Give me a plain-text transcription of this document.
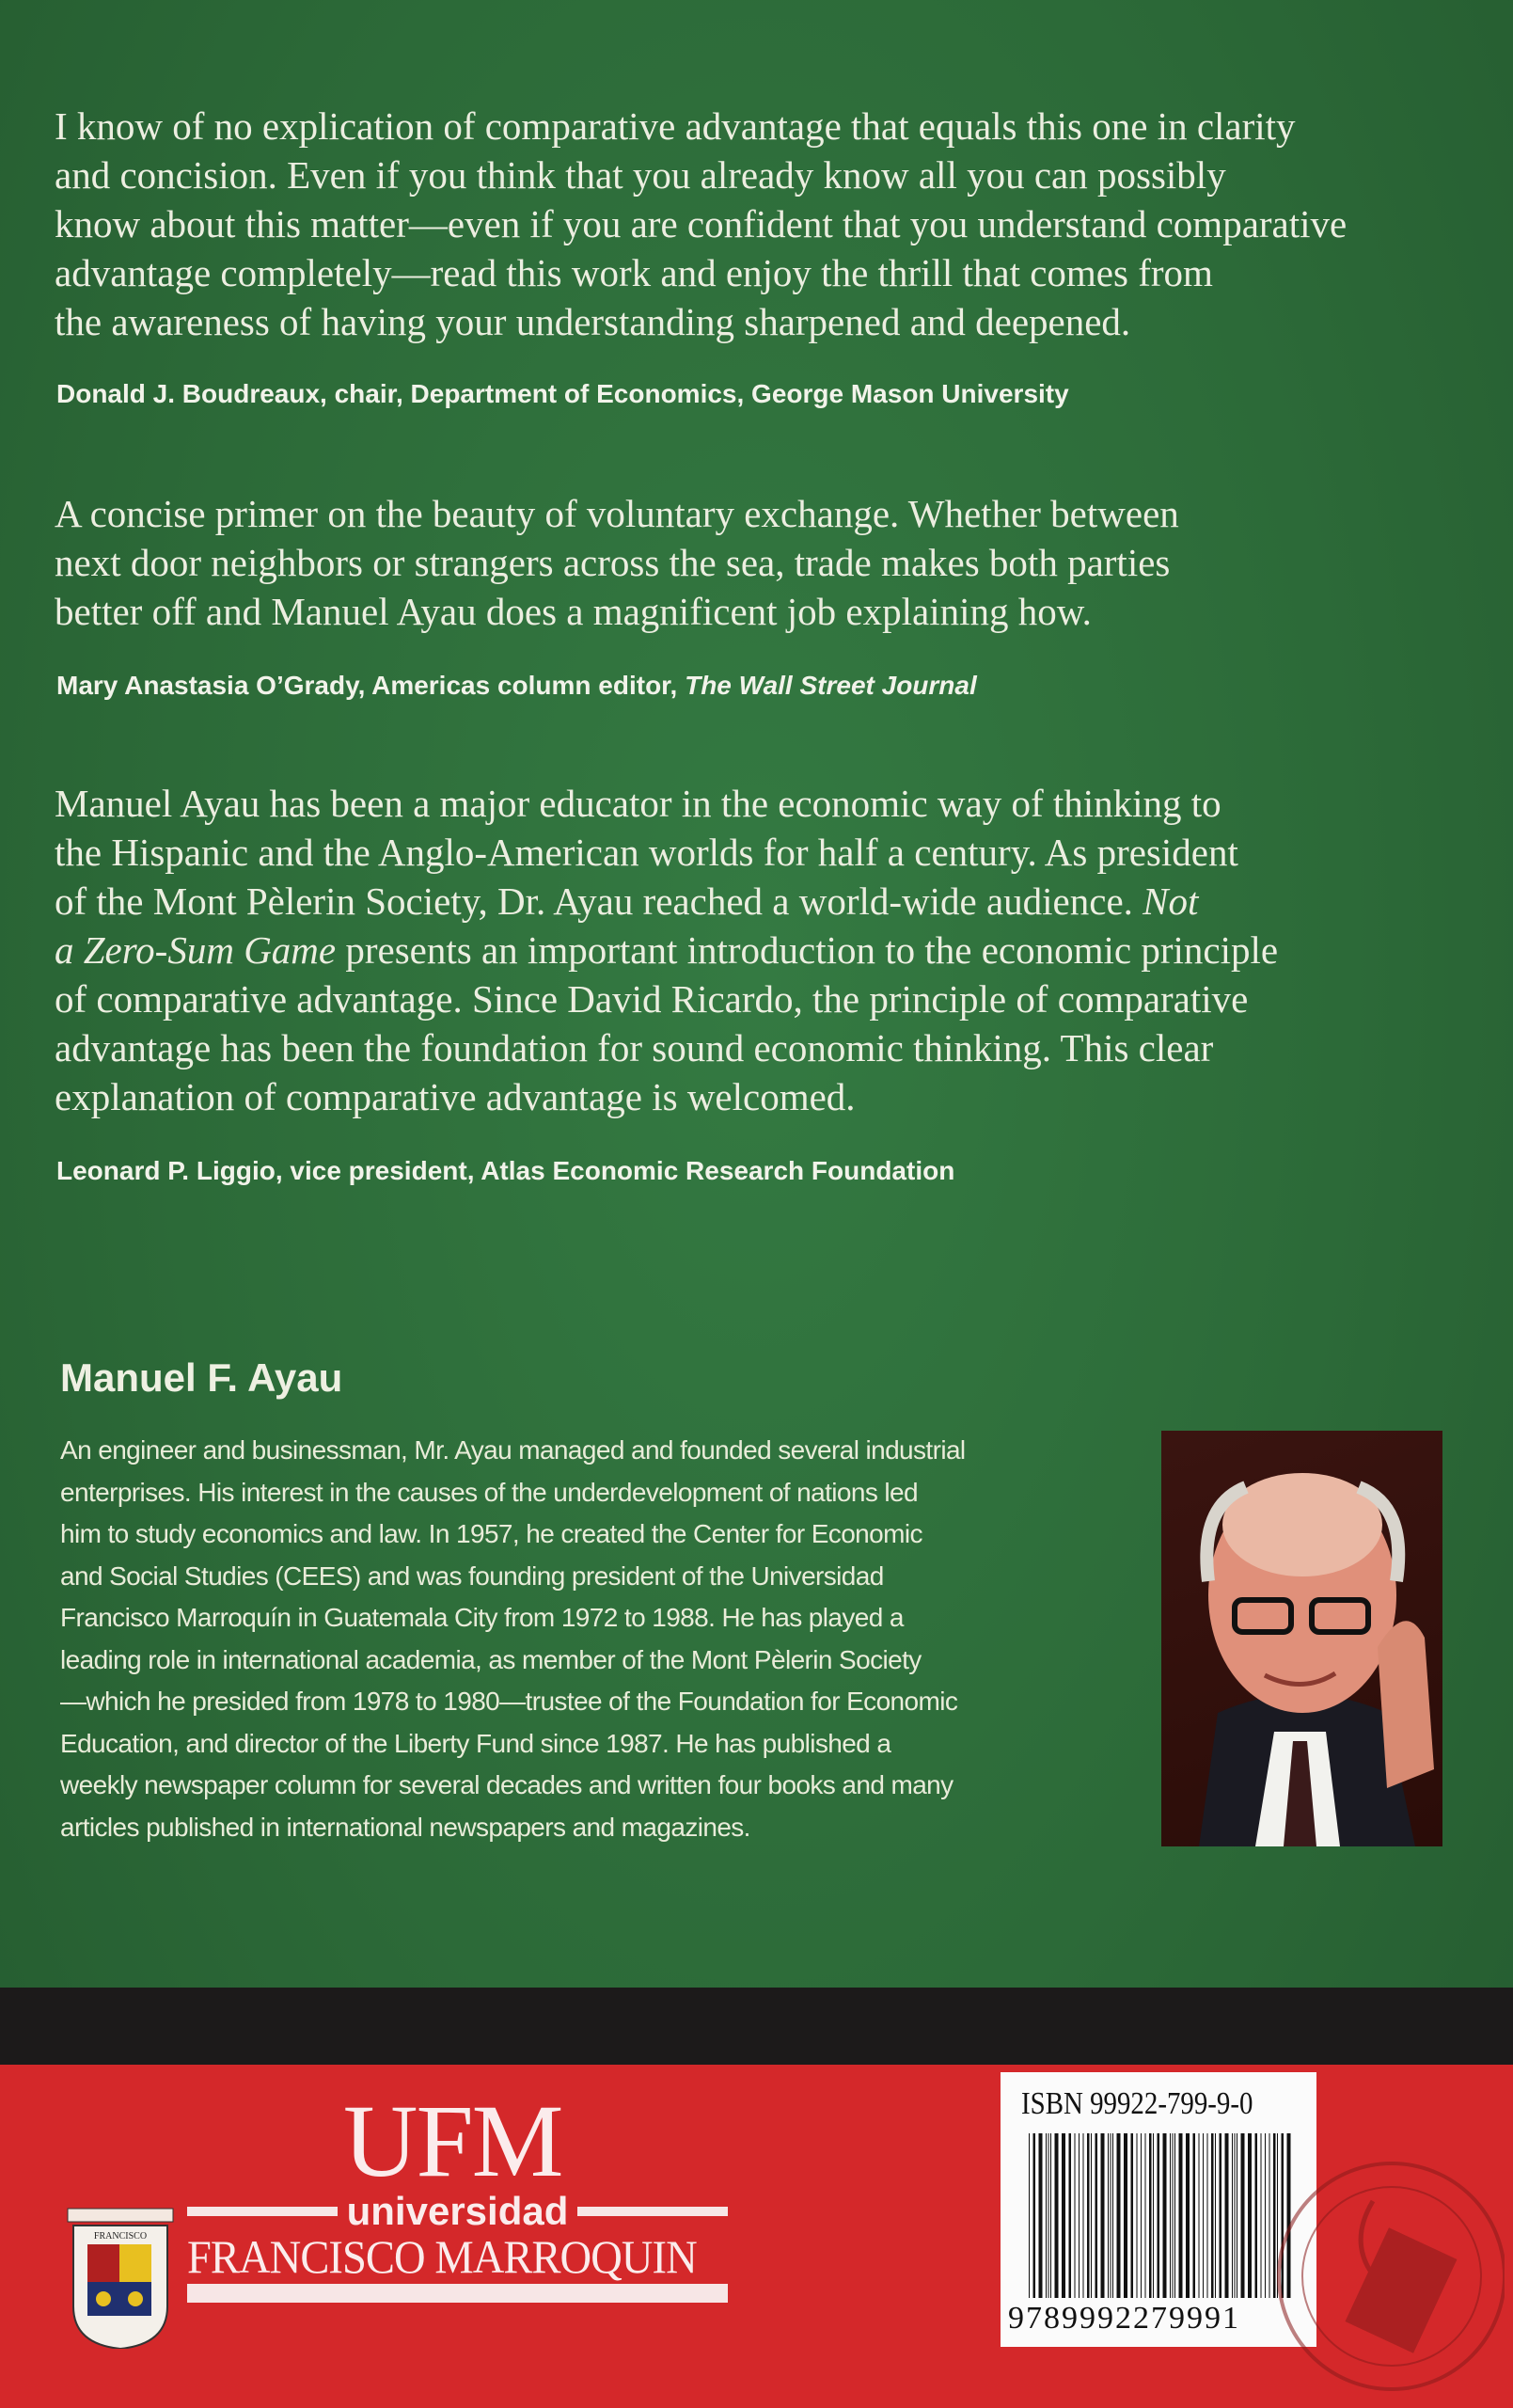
I know of no explication of comparative advantage that equals this one in clarity
and concision. Even if you think that you already know all you can possibly
know about this matter—even if you are confident that you understand comparative
advantage completely—read this work and enjoy the thrill that comes from
the awareness of having your understanding sharpened and deepened.
Donald J. Boudreaux, chair, Department of Economics, George Mason University
A concise primer on the beauty of voluntary exchange. Whether between
next door neighbors or strangers across the sea, trade makes both parties
better off and Manuel Ayau does a magnificent job explaining how.
Mary Anastasia O’Grady, Americas column editor, The Wall Street Journal
Manuel Ayau has been a major educator in the economic way of thinking to
the Hispanic and the Anglo-American worlds for half a century. As president
of the Mont Pèlerin Society, Dr. Ayau reached a world-wide audience. Not
a Zero-Sum Game presents an important introduction to the economic principle
of comparative advantage. Since David Ricardo, the principle of comparative
advantage has been the foundation for sound economic thinking. This clear
explanation of comparative advantage is welcomed.
Leonard P. Liggio, vice president, Atlas Economic Research Foundation
Manuel F. Ayau
An engineer and businessman, Mr. Ayau managed and founded several industrial
enterprises. His interest in the causes of the underdevelopment of nations led
him to study economics and law. In 1957, he created the Center for Economic
and Social Studies (CEES) and was founding president of the Universidad
Francisco Marroquín in Guatemala City from 1972 to 1988. He has played a
leading role in international academia, as member of the Mont Pèlerin Society
—which he presided from 1978 to 1980—trustee of the Foundation for Economic
Education, and director of the Liberty Fund since 1987. He has published a
weekly newspaper column for several decades and written four books and many
articles published in international newspapers and magazines.
FRANCISCO
UFM
universidad
FRANCISCO MARROQUIN
ISBN 99922-799-9-0
9789992279991
